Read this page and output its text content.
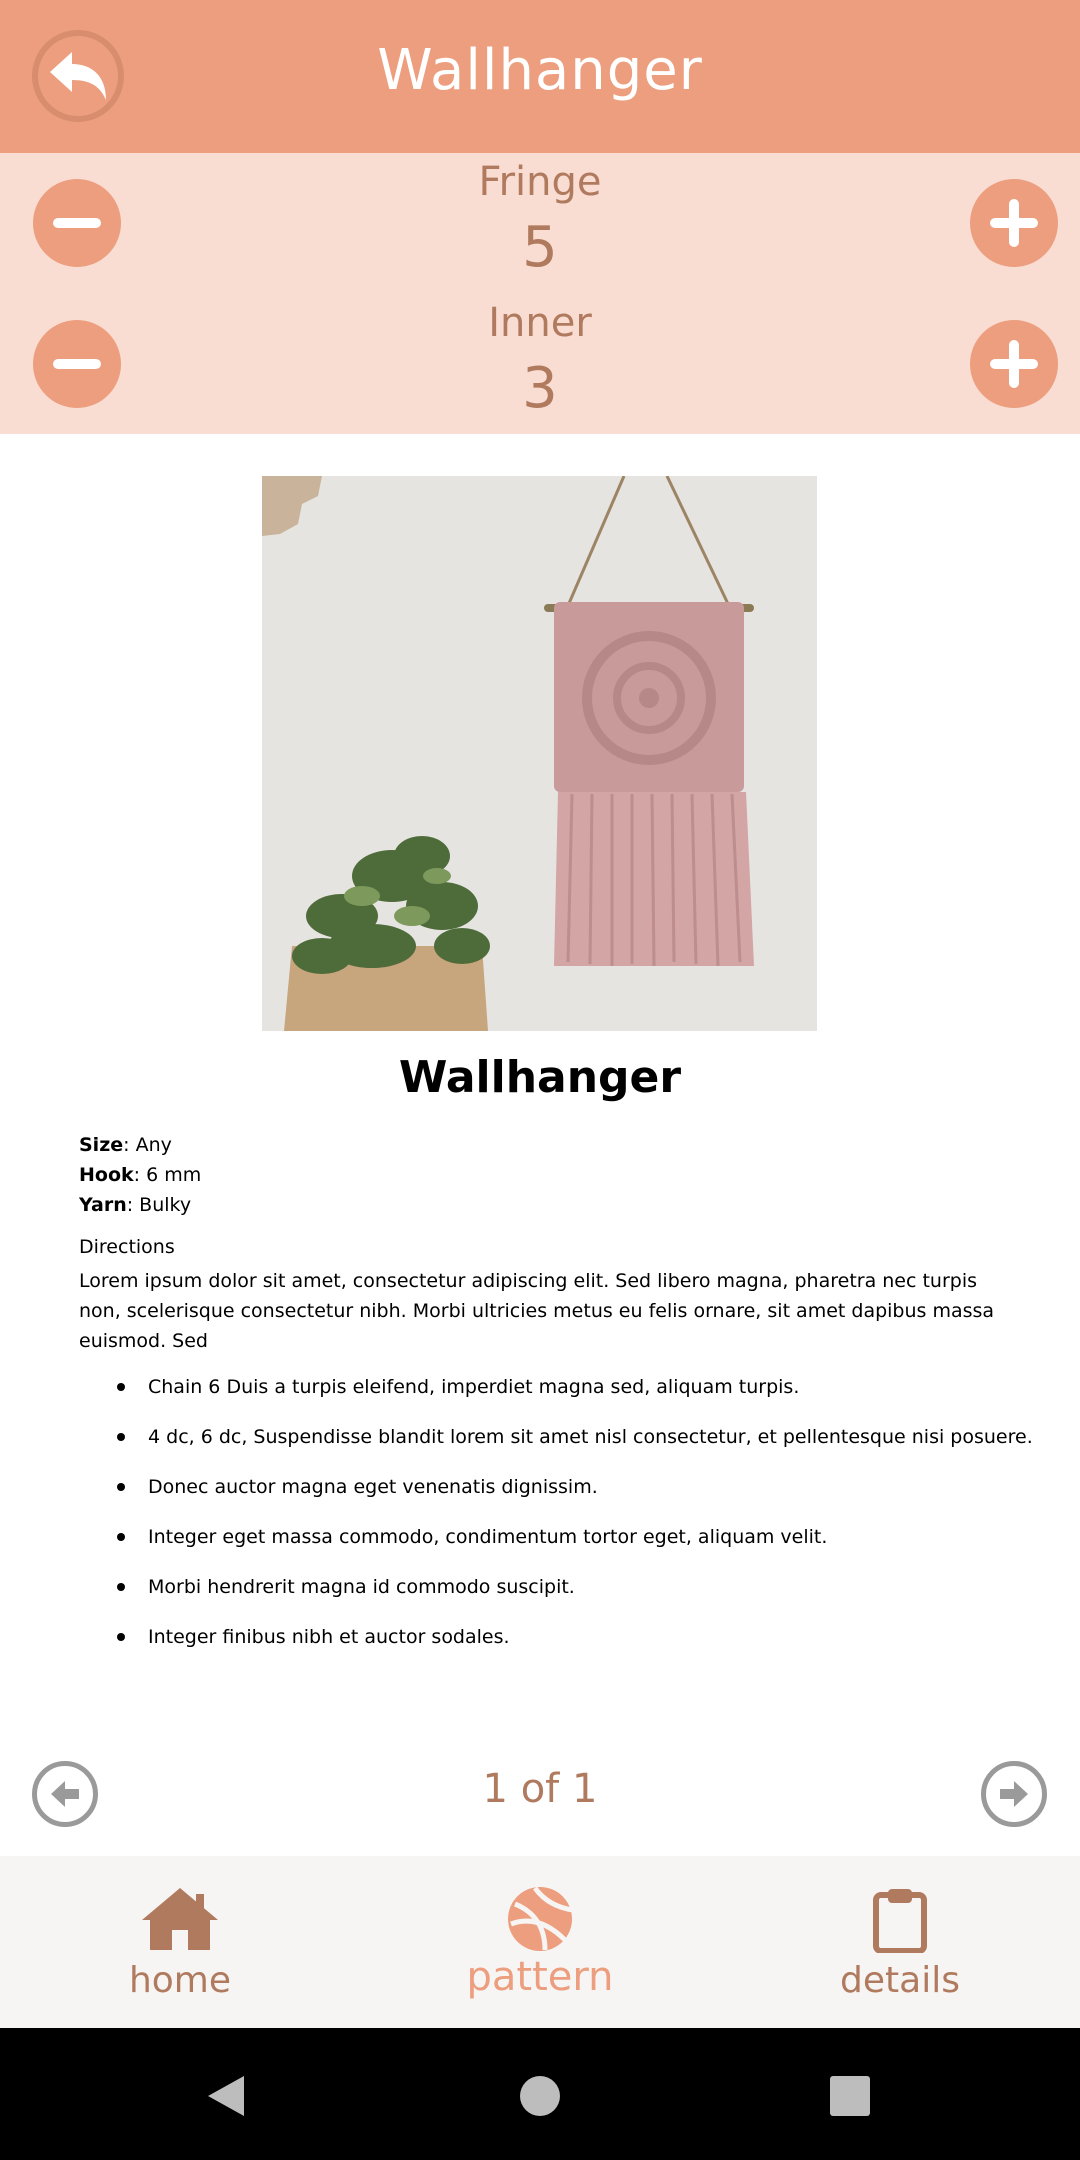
Wallhanger
Fringe
5
Inner
3
Wallhanger
Size: Any
Hook: 6 mm
Yarn: Bulky
Directions
Lorem ipsum dolor sit amet, consectetur adipiscing elit. Sed libero magna, pharetra nec turpis non, scelerisque consectetur nibh. Morbi ultricies metus eu felis ornare, sit amet dapibus massa euismod. Sed
Chain 6 Duis a turpis eleifend, imperdiet magna sed, aliquam turpis.
4 dc, 6 dc, Suspendisse blandit lorem sit amet nisl consectetur, et pellentesque nisi posuere.
Donec auctor magna eget venenatis dignissim.
Integer eget massa commodo, condimentum tortor eget, aliquam velit.
Morbi hendrerit magna id commodo suscipit.
Integer finibus nibh et auctor sodales.
1 of 1
home	pattern	details
